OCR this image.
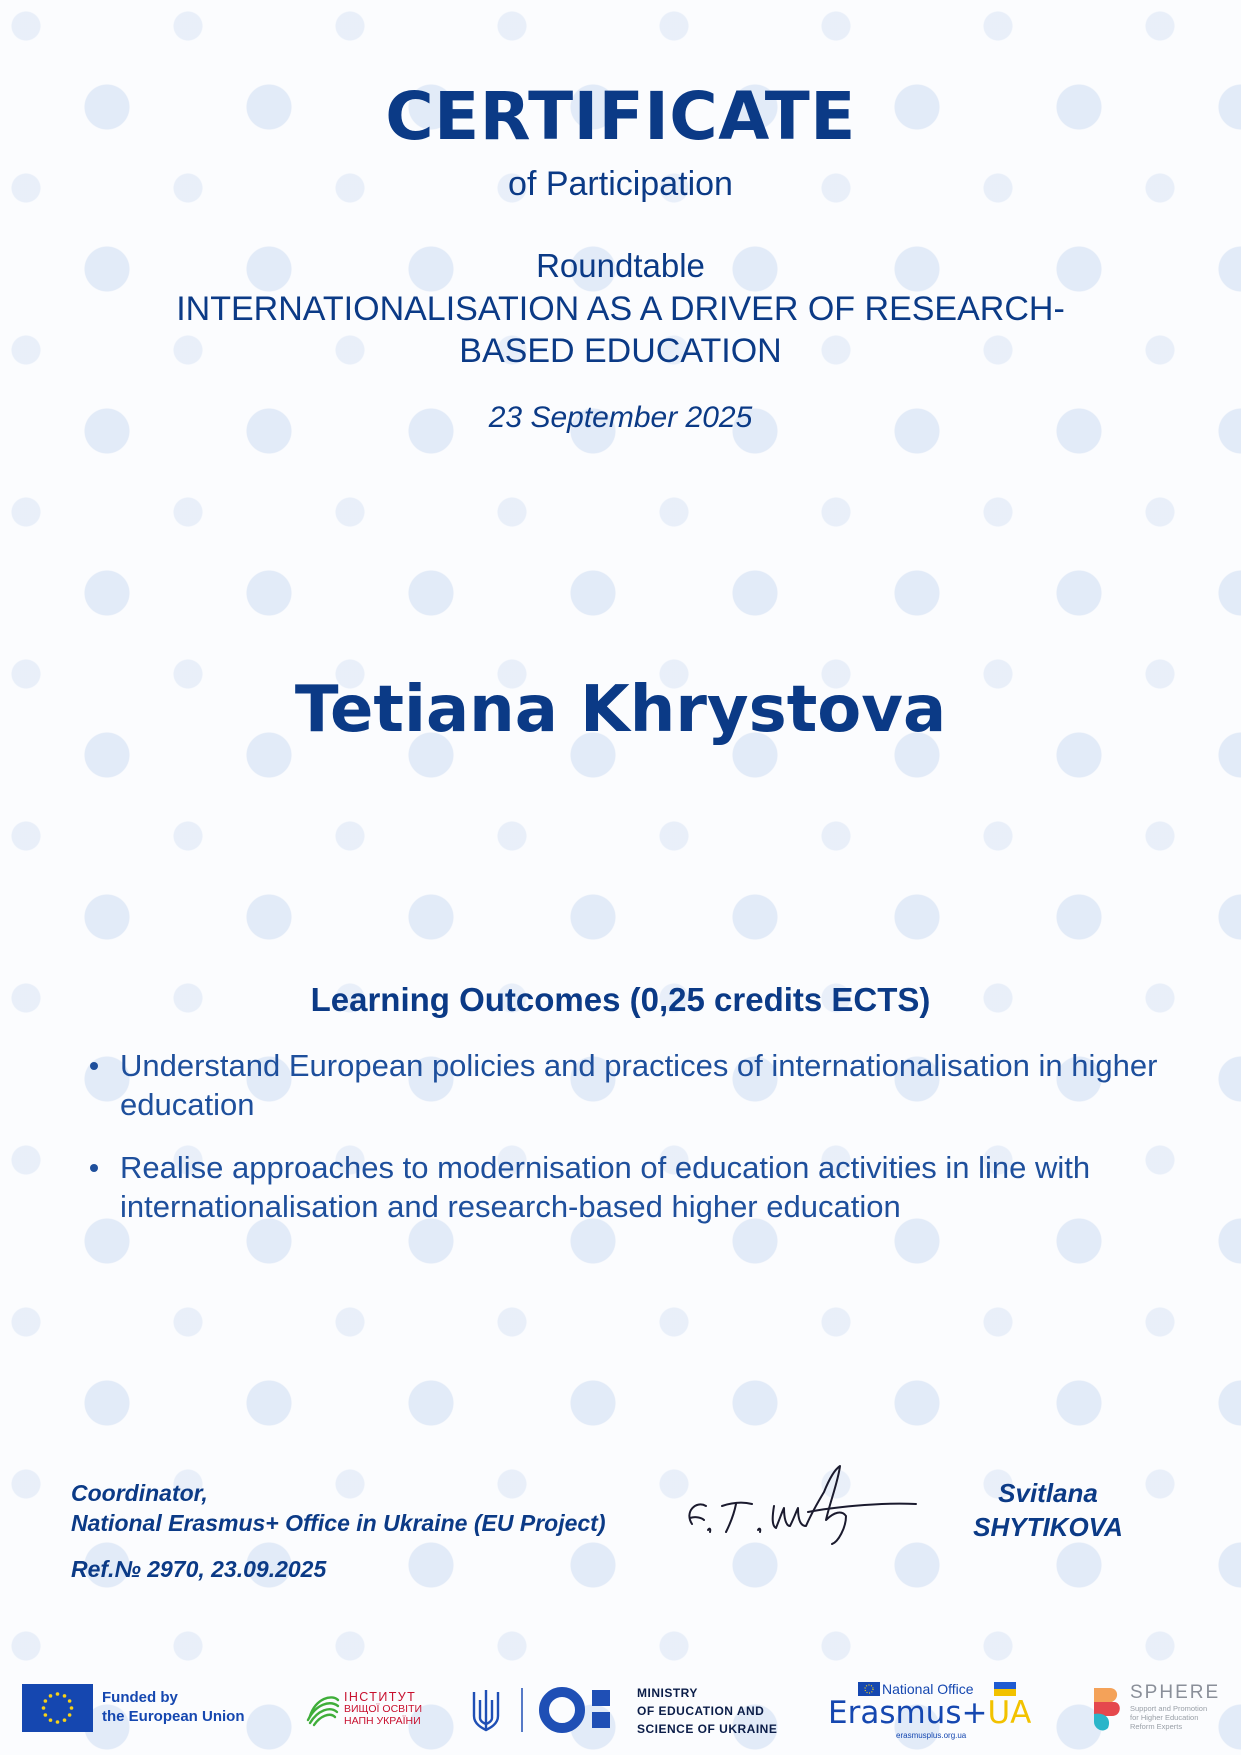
CERTIFICATE
of Participation
Roundtable
INTERNATIONALISATION AS A DRIVER OF RESEARCH-BASED EDUCATION
23 September 2025
Tetiana Khrystova
Learning Outcomes (0,25 credits ECTS)
Understand European policies and practices of internationalisation in higher education
Realise approaches to modernisation of education activities in line with internationalisation and research-based higher education
Coordinator,
National Erasmus+ Office in Ukraine (EU Project)
Ref.№ 2970, 23.09.2025
Svitlana
SHYTIKOVA
Funded by
the European Union
ІНСТИТУТ
ВИЩОЇ ОСВІТИ
НАПН УКРАЇНИ
MINISTRY
OF EDUCATION AND
SCIENCE OF UKRAINE
National Office
Erasmus+UA
erasmusplus.org.ua
SPHERE
Support and Promotion
for Higher Education
Reform Experts
